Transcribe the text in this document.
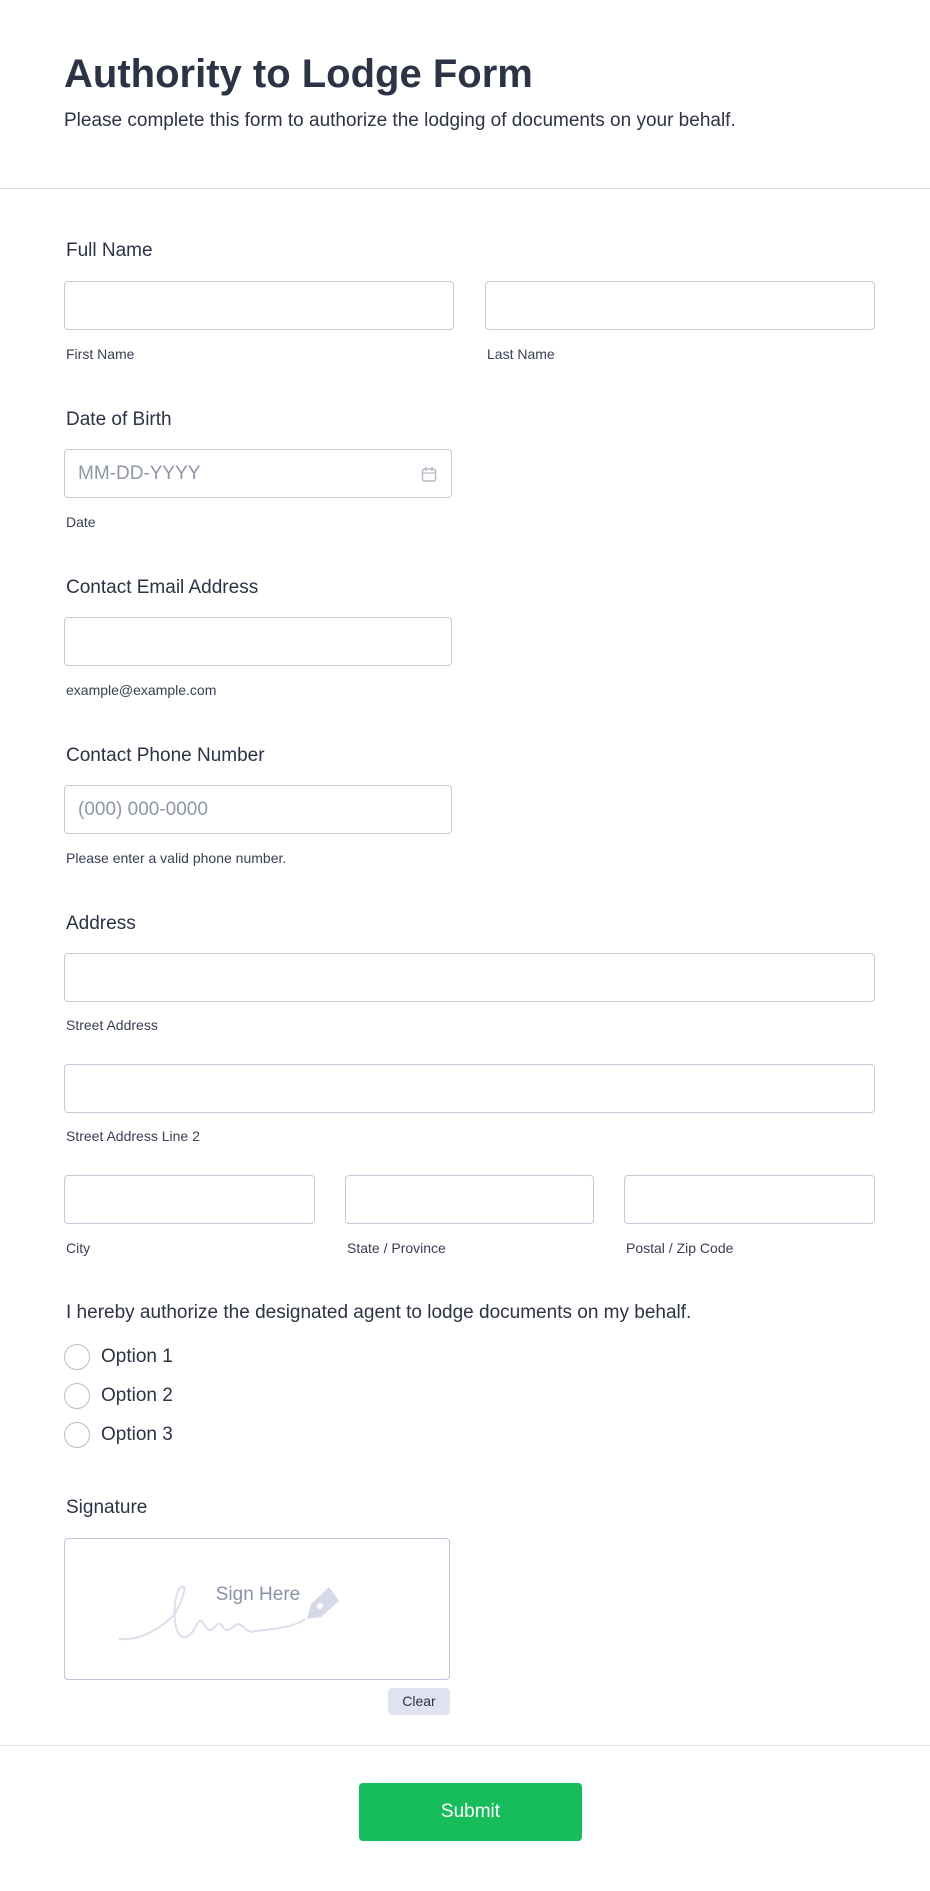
Authority to Lodge Form
Please complete this form to authorize the lodging of documents on your behalf.
Full Name
First Name	Last Name
Date of Birth
MM-DD-YYYY
Date
Contact Email Address
example@example.com
Contact Phone Number
(000) 000-0000
Please enter a valid phone number.
Address
Street Address
Street Address Line 2
City	State / Province	Postal / Zip Code
I hereby authorize the designated agent to lodge documents on my behalf.
Option 1
Option 2
Option 3
Signature
Sign Here
Clear
Submit
